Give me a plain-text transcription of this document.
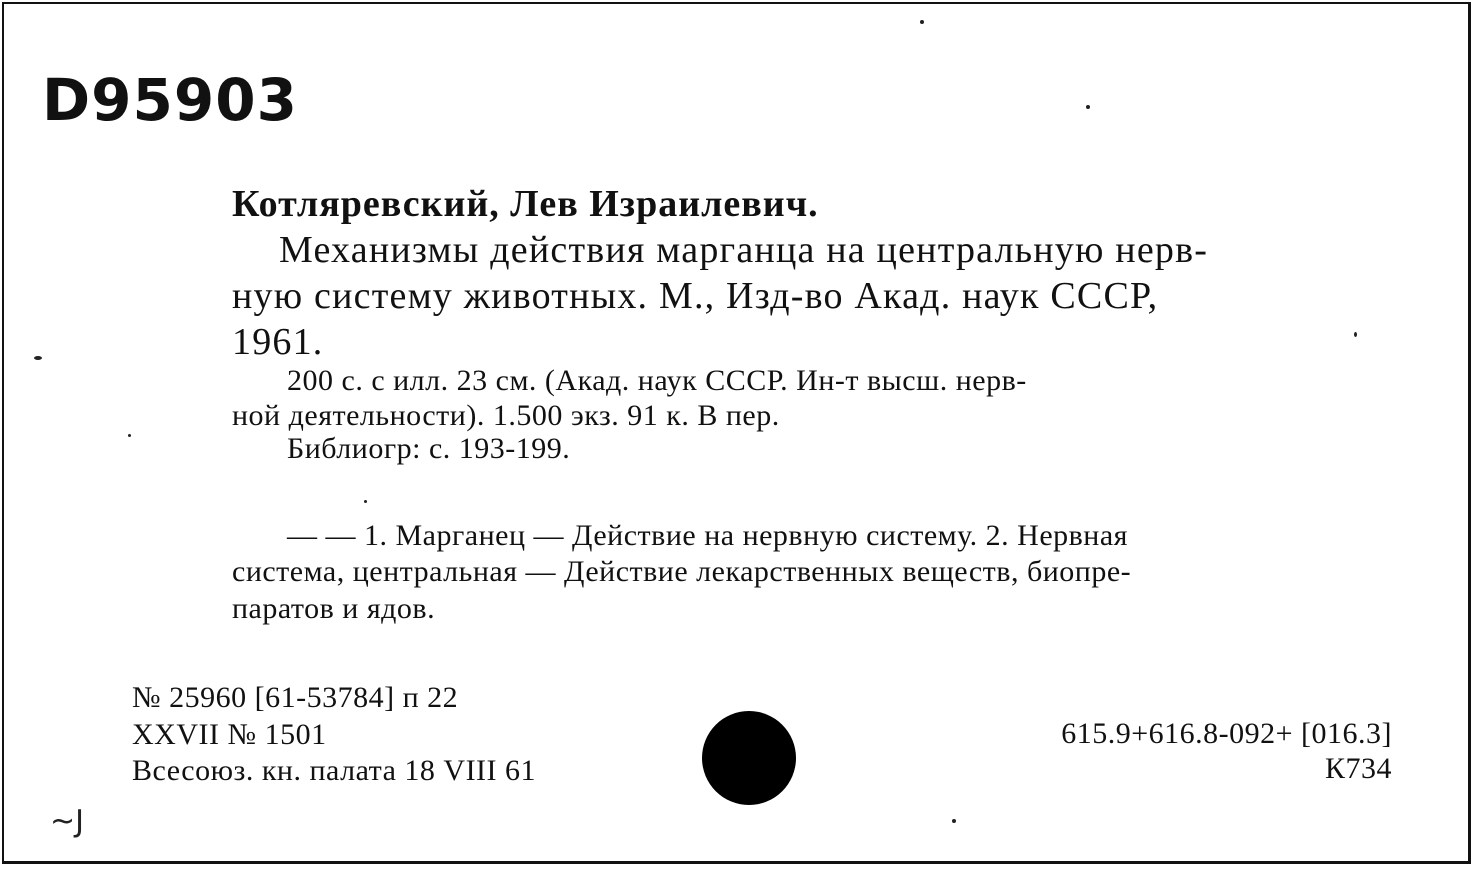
D95903
Котляревский, Лев Израилевич.
Механизмы действия марганца на центральную нерв-
ную систему животных. М., Изд-во Акад. наук СССР,
1961.
200 с. с илл. 23 см. (Акад. наук СССР. Ин-т высш. нерв-
ной деятельности). 1.500 экз. 91 к. В пер.
Библиогр: с. 193-199.
— — 1. Марганец — Действие на нервную систему. 2. Нервная
система, центральная — Действие лекарственных веществ, биопре-
паратов и ядов.
№ 25960 [61-53784] п 22
XXVII № 1501
Всесоюз. кн. палата 18 VIII 61
615.9+616.8-092+ [016.3]
К734
~J
